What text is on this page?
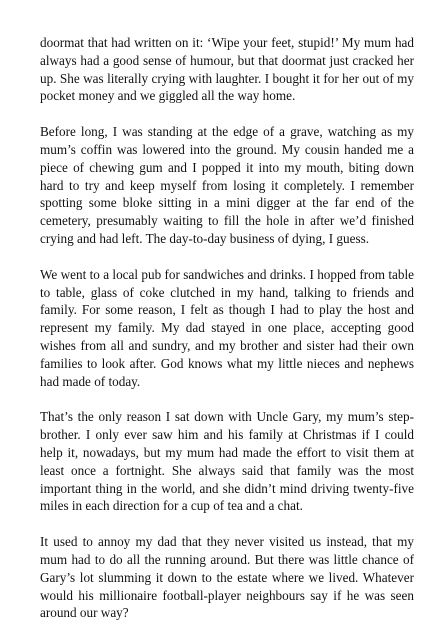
doormat that had written on it: ‘Wipe your feet, stupid!’ My mum had always had a good sense of humour, but that doormat just cracked her up. She was literally crying with laughter. I bought it for her out of my pocket money and we giggled all the way home.

Before long, I was standing at the edge of a grave, watching as my mum’s coffin was lowered into the ground. My cousin handed me a piece of chewing gum and I popped it into my mouth, biting down hard to try and keep myself from losing it completely. I remember spotting some bloke sitting in a mini digger at the far end of the cemetery, presumably waiting to fill the hole in after we’d finished crying and had left. The day-to-day business of dying, I guess.

We went to a local pub for sandwiches and drinks. I hopped from table to table, glass of coke clutched in my hand, talking to friends and family. For some reason, I felt as though I had to play the host and represent my family. My dad stayed in one place, accepting good wishes from all and sundry, and my brother and sister had their own families to look after. God knows what my little nieces and nephews had made of today.

That’s the only reason I sat down with Uncle Gary, my mum’s step-brother. I only ever saw him and his family at Christmas if I could help it, nowadays, but my mum had made the effort to visit them at least once a fortnight. She always said that family was the most important thing in the world, and she didn’t mind driving twenty-five miles in each direction for a cup of tea and a chat.

It used to annoy my dad that they never visited us instead, that my mum had to do all the running around. But there was little chance of Gary’s lot slumming it down to the estate where we lived. Whatever would his millionaire football-player neighbours say if he was seen around our way?
